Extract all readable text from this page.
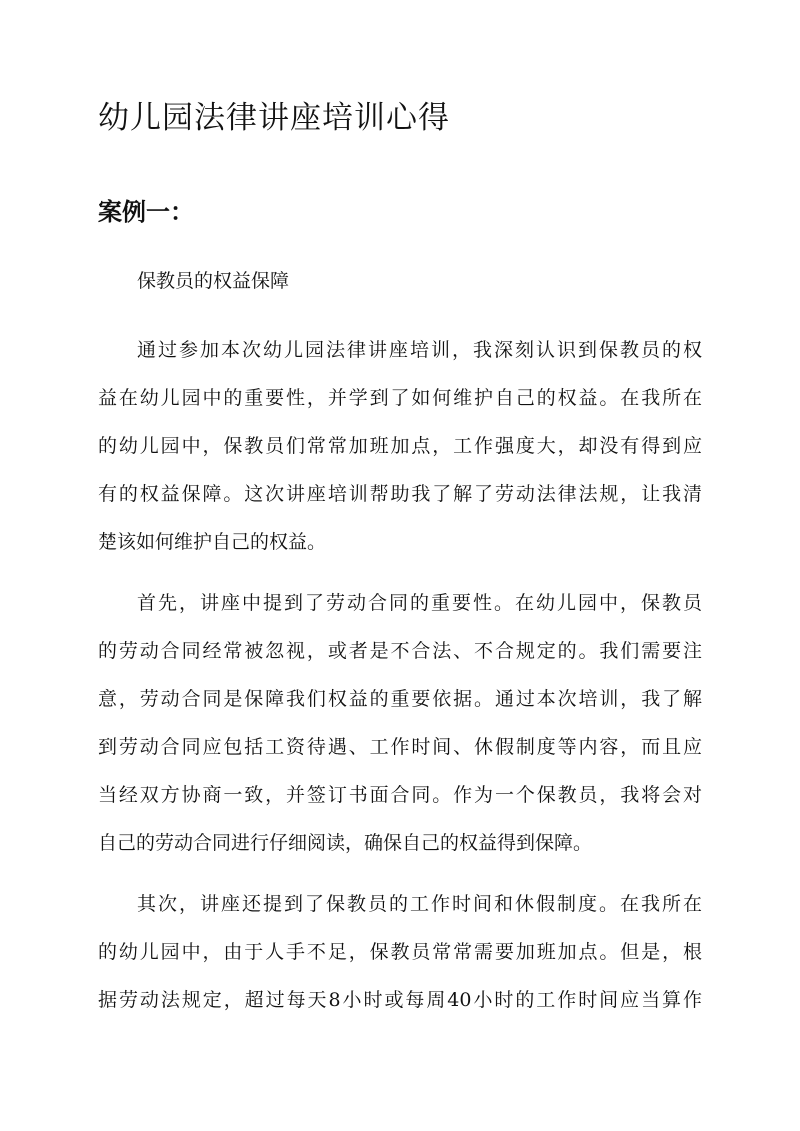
幼儿园法律讲座培训心得
案例一：

保教员的权益保障

通过参加本次幼儿园法律讲座培训，我深刻认识到保教员的权
益在幼儿园中的重要性，并学到了如何维护自己的权益。在我所在
的幼儿园中，保教员们常常加班加点，工作强度大，却没有得到应
有的权益保障。这次讲座培训帮助我了解了劳动法律法规，让我清
楚该如何维护自己的权益。
首先，讲座中提到了劳动合同的重要性。在幼儿园中，保教员
的劳动合同经常被忽视，或者是不合法、不合规定的。我们需要注
意，劳动合同是保障我们权益的重要依据。通过本次培训，我了解
到劳动合同应包括工资待遇、工作时间、休假制度等内容，而且应
当经双方协商一致，并签订书面合同。作为一个保教员，我将会对
自己的劳动合同进行仔细阅读，确保自己的权益得到保障。
其次，讲座还提到了保教员的工作时间和休假制度。在我所在
的幼儿园中，由于人手不足，保教员常常需要加班加点。但是，根
据劳动法规定，超过每天8小时或每周40小时的工作时间应当算作
